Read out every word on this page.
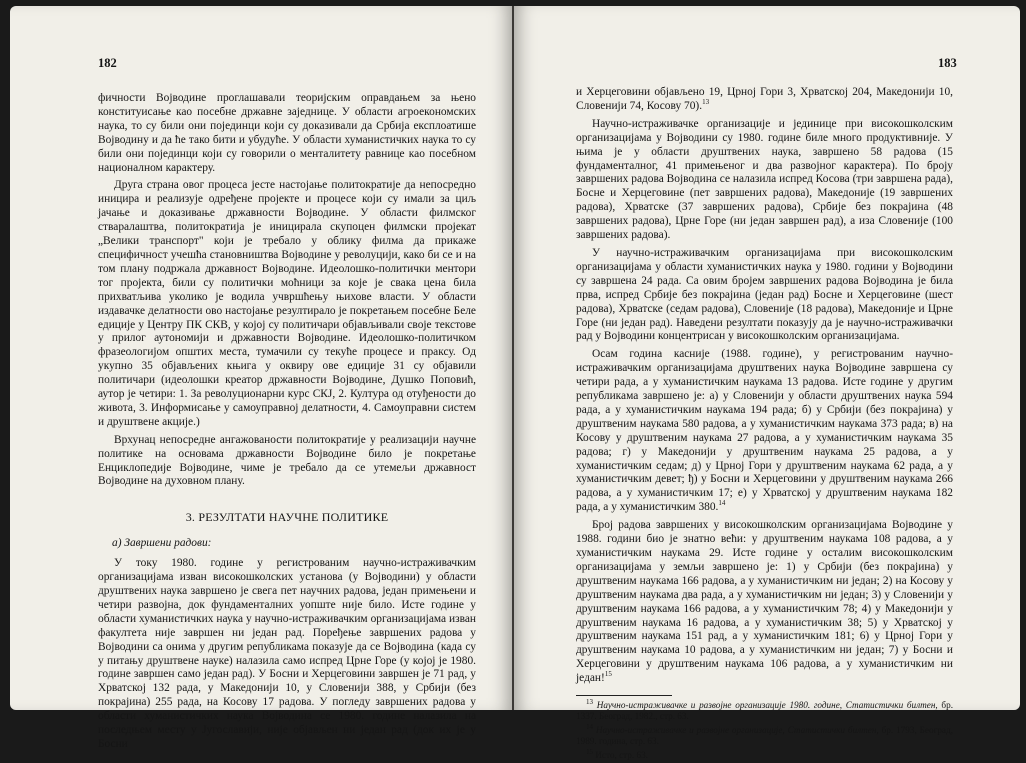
182

фичности Војводине проглашавали теоријским оправдањем за њено конституисање као посебне државне заједнице. У области агроекономских наука, то су били они појединци који су доказивали да Србија експлоатише Војводину и да ће тако бити и убудуће. У области хуманистичких наука то су били они појединци који су говорили о менталитету равнице као посебном националном карактеру.

Друга страна овог процеса јесте настојање политократије да непосредно иницира и реализује одређене пројекте и процесе који су имали за циљ јачање и доказивање државности Војводине. У области филмског стваралаштва, политократија је иницирала скупоцен филмски пројекат „Велики транспорт" који је требало у облику филма да прикаже специфичност учешћа становништва Војводине у револуцији, како би се и на том плану подржала државност Војводине. Идеолошко-политички ментори тог пројекта, били су политички моћници за које је свака цена била прихватљива уколико је водила учвршћењу њихове власти. У области издавачке делатности ово настојање резултирало је покретањем посебне Беле едиције у Центру ПК СКВ, у којој су политичари објављивали своје текстове у прилог аутономији и државности Војводине. Идеолошко-политичком фразеологијом општих места, тумачили су текуће процесе и праксу. Од укупно 35 објављених књига у оквиру ове едиције 31 су објавили политичари (идеолошки креатор државности Војводине, Душко Поповић, аутор је четири: 1. За револуционарни курс СКЈ, 2. Култура од отуђености до живота, 3. Информисање у самоуправној делатности, 4. Самоуправни систем и друштвене акције.)

Врхунац непосредне ангажованости политократије у реализацији научне политике на основама државности Војводине било је покретање Енциклопедије Војводине, чиме је требало да се утемељи државност Војводине на духовном плану.

3. РЕЗУЛТАТИ НАУЧНЕ ПОЛИТИКЕ

а) Завршени радови:

У току 1980. године у регистрованим научно-истраживачким организацијама изван високошколских установа (у Војводини) у области друштвених наука завршено је свега пет научних радова, један примењени и четири развојна, док фундаменталних уопште није било. Исте године у области хуманистичких наука у научно-истраживачким организацијама изван факултета није завршен ни један рад. Поређење завршених радова у Војводини са онима у другим републикама показује да се Војводина (када су у питању друштвене науке) налазила само испред Црне Горе (у којој је 1980. године завршен само један рад). У Босни и Херцеговини завршен је 71 рад, у Хрватској 132 рада, у Македонији 10, у Словенији 388, у Србији (без покрајина) 255 рада, на Косову 17 радова. У погледу завршених радова у области хуманистичких наука Војводина се 1980. године налазила на последњем месту у Југославији, није објављен ни један рад (док их је у Босни

183

и Херцеговини објављено 19, Црној Гори 3, Хрватској 204, Македонији 10, Словенији 74, Косову 70).$^{13}$

Научно-истраживачке организације и јединице при високошколским организацијама у Војводини су 1980. године биле много продуктивније. У њима је у области друштвених наука, завршено 58 радова (15 фундаменталног, 41 примењеног и два развојног карактера). По броју завршених радова Војводина се налазила испред Косова (три завршена рада), Босне и Херцеговине (пет завршених радова), Македоније (19 завршених радова), Хрватске (37 завршених радова), Србије без покрајина (48 завршених радова), Црне Горе (ни један завршен рад), а иза Словеније (100 завршених радова).

У научно-истраживачким организацијама при високошколским организацијама у области хуманистичких наука у 1980. години у Војводини су завршена 24 рада. Са овим бројем завршених радова Војводина је била прва, испред Србије без покрајина (један рад) Босне и Херцеговине (шест радова), Хрватске (седам радова), Словеније (18 радова), Македоније и Црне Горе (ни један рад). Наведени резултати показују да је научно-истраживачки рад у Војводини концентрисан у високошколским организацијама.

Осам година касније (1988. године), у регистрованим научно-истраживачким организацијама друштвених наука Војводине завршена су четири рада, а у хуманистичким наукама 13 радова. Исте године у другим републикама завршено је: а) у Словенији у области друштвених наука 594 рада, а у хуманистичким наукама 194 рада; б) у Србији (без покрајина) у друштвеним наукама 580 радова, а у хуманистичким наукама 373 рада; в) на Косову у друштвеним наукама 27 радова, а у хуманистичким наукама 35 радова; г) у Македонији у друштвеним наукама 25 радова, а у хуманистичким седам; д) у Црној Гори у друштвеним наукама 62 рада, а у хуманистичким девет; ђ) у Босни и Херцеговини у друштвеним наукама 266 радова, а у хуманистичким 17; е) у Хрватској у друштвеним наукама 182 рада, а у хуманистичким 380.14

Број радова завршених у високошколским организацијама Војводине у 1988. години био је знатно већи: у друштвеним наукама 108 радова, а у хуманистичким наукама 29. Исте године у осталим високошколским организацијама у земљи завршено је: 1) у Србији (без покрајина) у друштвеним наукама 166 радова, а у хуманистичким ни један; 2) на Косову у друштвеним наукама два рада, а у хуманистичким ни један; 3) у Словенији у друштвеним наукама 166 радова, а у хуманистичким 78; 4) у Македонији у друштвеним наукама 16 радова, а у хуманистичким 38; 5) у Хрватској у друштвеним наукама 151 рад, а у хуманистичким 181; 6) у Црној Гори у друштвеним наукама 10 радова, а у хуманистичким ни један; 7) у Босни и Херцеговини у друштвеним наукама 106 радова, а у хуманистичким ни један!$^{15}$

$^{13}$ Научно-истраживачке и развојне организације 1980. године, Статистички билтен, бр. 1337. Београд, 1982., стр. 63.

$^{14}$ Научно-истраживачке и развојне организације, Статистички билтен, бр. 1793, Београд, 1989. година, стр. 63.

$^{15}$ Исто, стр. 63.
